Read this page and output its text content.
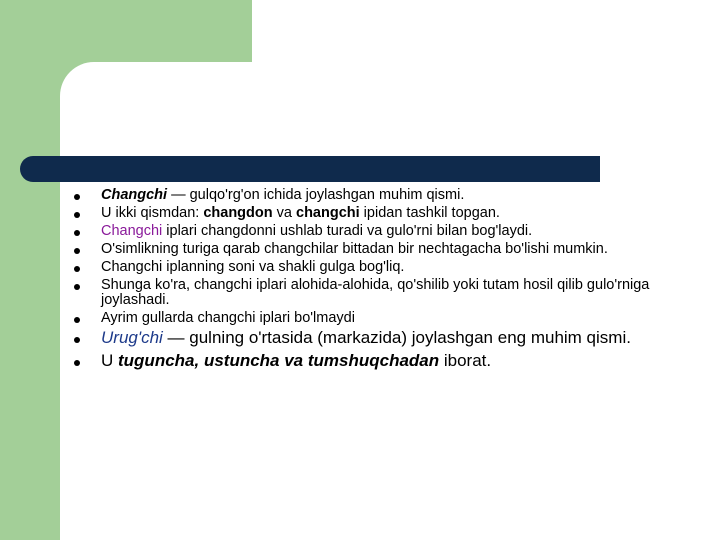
Changchi — gulqo'rg'on ichida joylashgan muhim qismi.
U ikki qismdan: changdon va changchi ipidan tashkil topgan.
Changchi iplari changdonni ushlab turadi va gulo'rni bilan bog'laydi.
O'simlikning turiga qarab changchilar bittadan bir nechtagacha bo'lishi mumkin.
Changchi iplanning soni va shakli gulga bog'liq.
Shunga ko'ra, changchi iplari alohida-alohida, qo'shilib yoki tutam hosil qilib gulo'rniga joylashadi.
Ayrim gullarda changchi iplari bo'lmaydi
Urug'chi — gulning o'rtasida (markazida) joylashgan eng muhim qismi.
U tuguncha, ustuncha va tumshuqchadan iborat.
